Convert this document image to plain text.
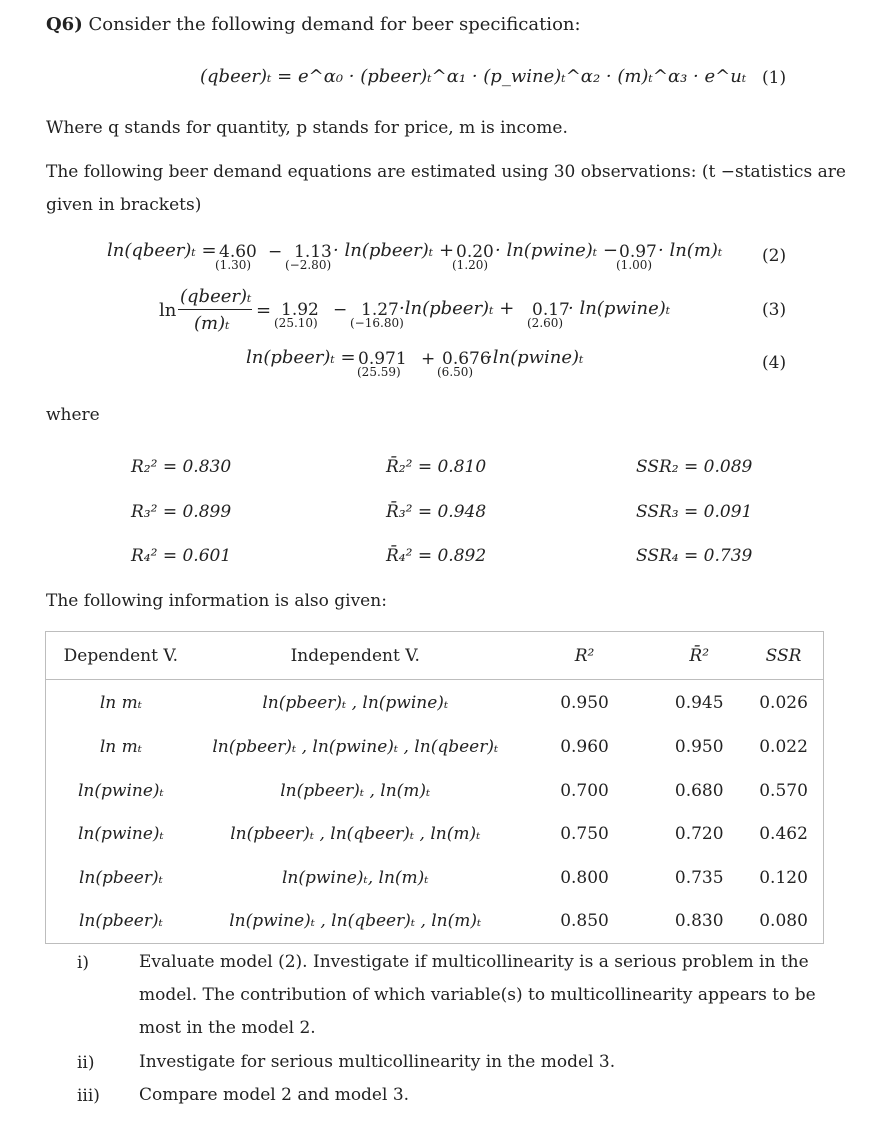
Q6) Consider the following demand for beer specification:
(qbeer)ₜ = e^α₀ · (pbeer)ₜ^α₁ · (p_wine)ₜ^α₂ · (m)ₜ^α₃ · e^uₜ (1)
Where q stands for quantity, p stands for price, m is income.
The following beer demand equations are estimated using 30 observations: (t −statistics are
given in brackets)
ln(qbeer)ₜ = 4.60
(1.30)
− 1.13
(−2.80)
· ln(pbeer)ₜ + 0.20
(1.20)
· ln(pwine)ₜ − 0.97
(1.00)
· ln(m)ₜ (2)
ln
(qbeer)ₜ
(m)ₜ
= 1.92
(25.10)
− 1.27
(−16.80)
·ln(pbeer)ₜ + 0.17
(2.60)
· ln(pwine)ₜ	(3)
ln(pbeer)ₜ = 0.971
(25.59)
+ 0.676
(6.50)
·ln(pwine)ₜ	(4)
where
R₂² = 0.830	R̄₂² = 0.810	SSR₂ = 0.089
R₃² = 0.899	R̄₃² = 0.948	SSR₃ = 0.091
R₄² = 0.601	R̄₄² = 0.892	SSR₄ = 0.739
The following information is also given:
Dependent V.	Independent V.	R²	R̄²	SSR
ln mₜ	ln(pbeer)ₜ , ln(pwine)ₜ	0.950	0.945	0.026
ln mₜ	ln(pbeer)ₜ , ln(pwine)ₜ , ln(qbeer)ₜ	0.960	0.950	0.022
ln(pwine)ₜ	ln(pbeer)ₜ , ln(m)ₜ	0.700	0.680	0.570
ln(pwine)ₜ	ln(pbeer)ₜ , ln(qbeer)ₜ , ln(m)ₜ	0.750	0.720	0.462
ln(pbeer)ₜ	ln(pwine)ₜ, ln(m)ₜ	0.800	0.735	0.120
ln(pbeer)ₜ	ln(pwine)ₜ , ln(qbeer)ₜ , ln(m)ₜ	0.850	0.830	0.080
i)	Evaluate model (2). Investigate if multicollinearity is a serious problem in the model. The contribution of which variable(s) to multicollinearity appears to be most in the model 2.
ii)	Investigate for serious multicollinearity in the model 3.
iii) Compare model 2 and model 3.
